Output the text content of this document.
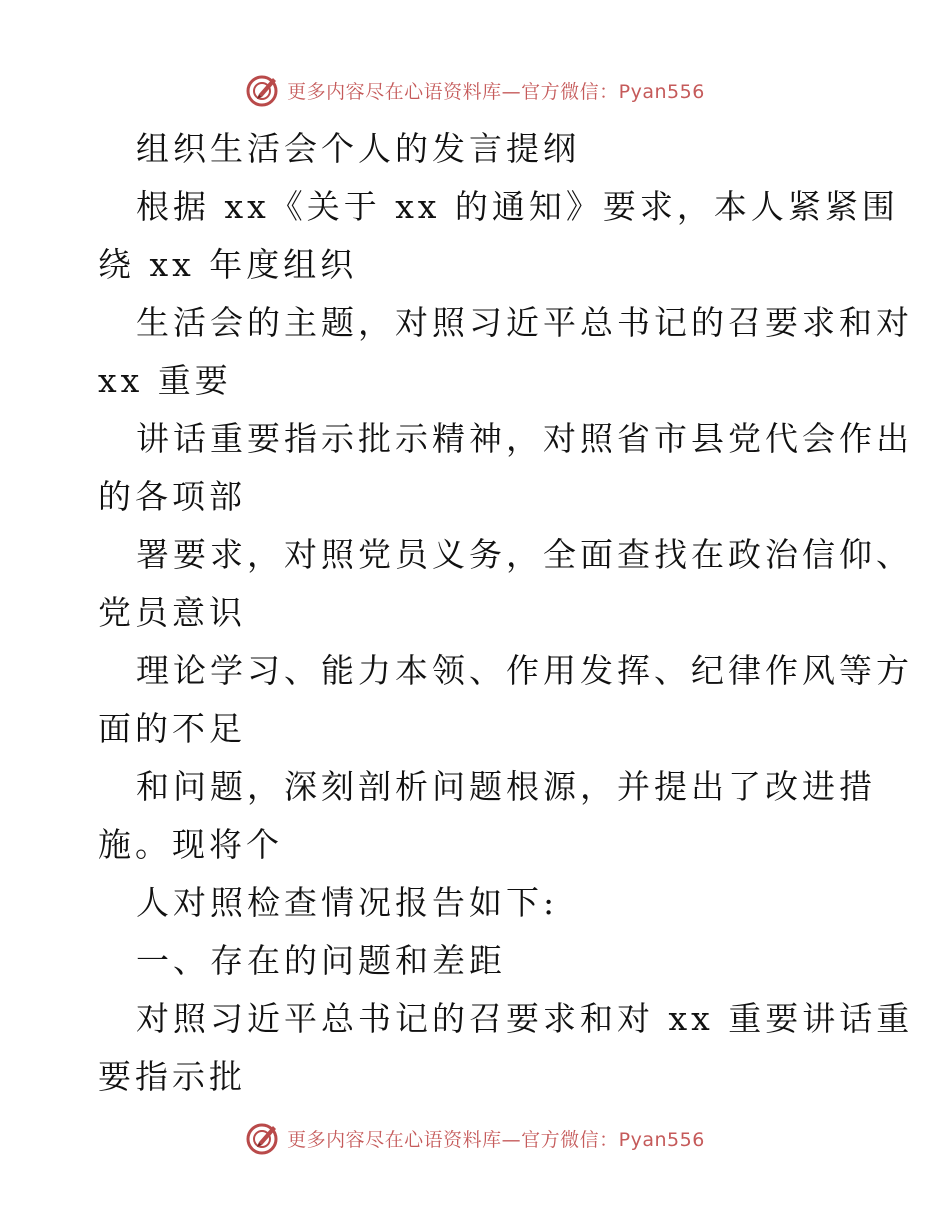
更多内容尽在心语资料库—官方微信：Pyan556
组织生活会个人的发言提纲
根据 xx《关于 xx 的通知》要求，本人紧紧围
绕 xx 年度组织
生活会的主题，对照习近平总书记的召要求和对
xx 重要
讲话重要指示批示精神，对照省市县党代会作出
的各项部
署要求，对照党员义务，全面查找在政治信仰、
党员意识
理论学习、能力本领、作用发挥、纪律作风等方
面的不足
和问题，深刻剖析问题根源，并提出了改进措
施。现将个
人对照检查情况报告如下:
一、存在的问题和差距
对照习近平总书记的召要求和对 xx 重要讲话重
要指示批
更多内容尽在心语资料库—官方微信：Pyan556
